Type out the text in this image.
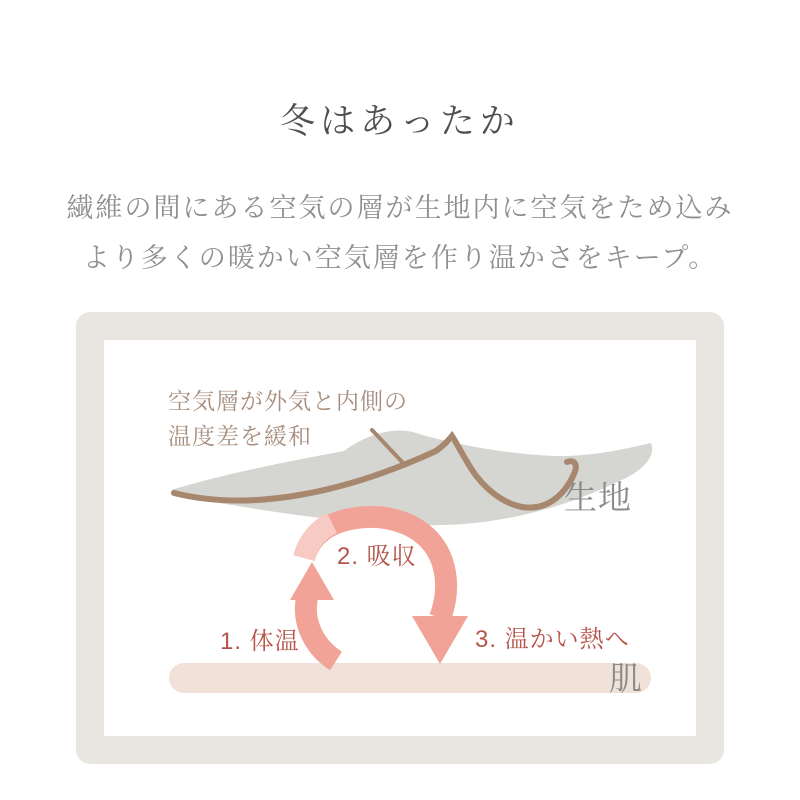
冬はあったか

繊維の間にある空気の層が生地内に空気をため込み

より多くの暖かい空気層を作り温かさをキープ。

空気層が外気と内側の
温度差を緩和
生地
肌
1. 体温
2. 吸収
3. 温かい熱へ
